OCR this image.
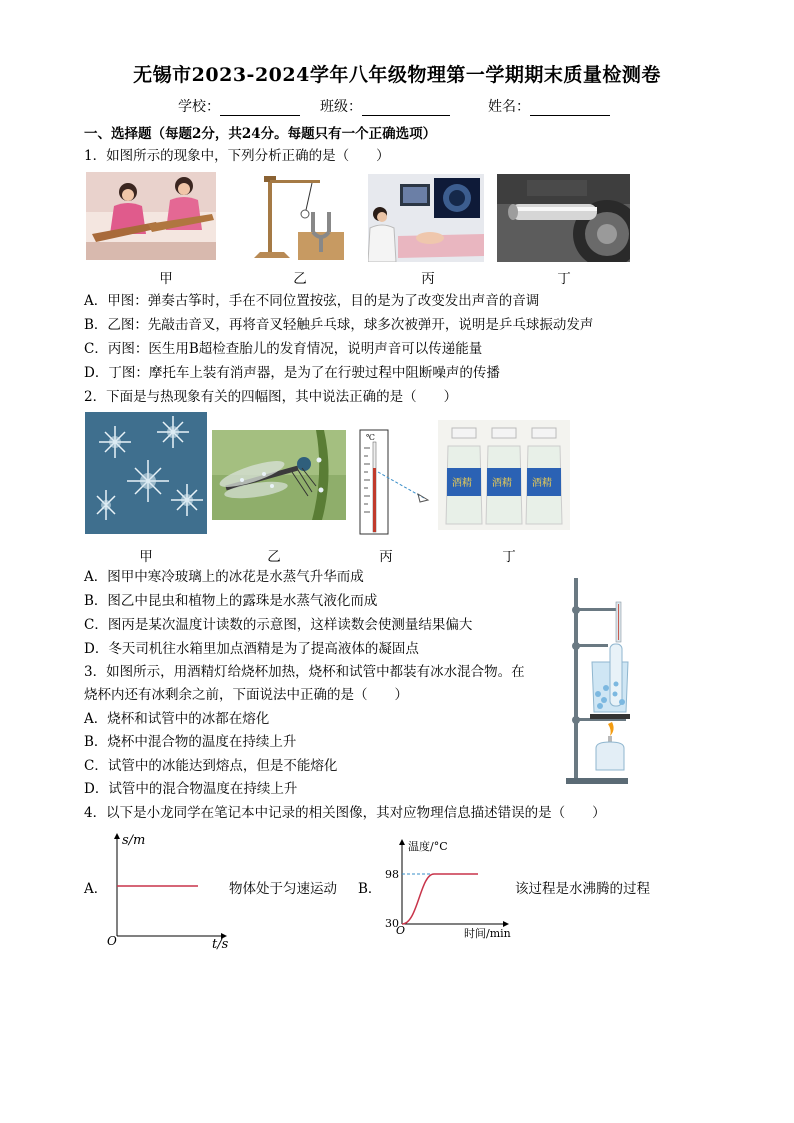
无锡市2023-2024学年八年级物理第一学期期末质量检测卷
学校：	班级：	姓名：
一、选择题（每题2分，共24分。每题只有一个正确选项）
1．如图所示的现象中，下列分析正确的是（　　）
甲	乙	丙	丁
A．甲图：弹奏古筝时，手在不同位置按弦，目的是为了改变发出声音的音调
B．乙图：先敲击音叉，再将音叉轻触乒乓球，球多次被弹开，说明是乒乓球振动发声
C．丙图：医生用B超检查胎儿的发育情况，说明声音可以传递能量
D．丁图：摩托车上装有消声器，是为了在行驶过程中阻断噪声的传播
2．下面是与热现象有关的四幅图，其中说法正确的是（　　）
甲	乙
℃
丙
酒精 酒精 酒精
丁
A．图甲中寒冷玻璃上的冰花是水蒸气升华而成
B．图乙中昆虫和植物上的露珠是水蒸气液化而成
C．图丙是某次温度计读数的示意图，这样读数会使测量结果偏大
D．冬天司机往水箱里加点酒精是为了提高液体的凝固点
3．如图所示，用酒精灯给烧杯加热，烧杯和试管中都装有冰水混合物。在
烧杯内还有冰剩余之前，下面说法中正确的是（　　）
A．烧杯和试管中的冰都在熔化
B．烧杯中混合物的温度在持续上升
C．试管中的冰能达到熔点，但是不能熔化
D．试管中的混合物温度在持续上升
4．以下是小龙同学在笔记本中记录的相关图像，其对应物理信息描述错误的是（　　）
A．
s/m
t/s
O
物体处于匀速运动 B．
温度/°C
时间/min
98
30
O
该过程是水沸腾的过程
